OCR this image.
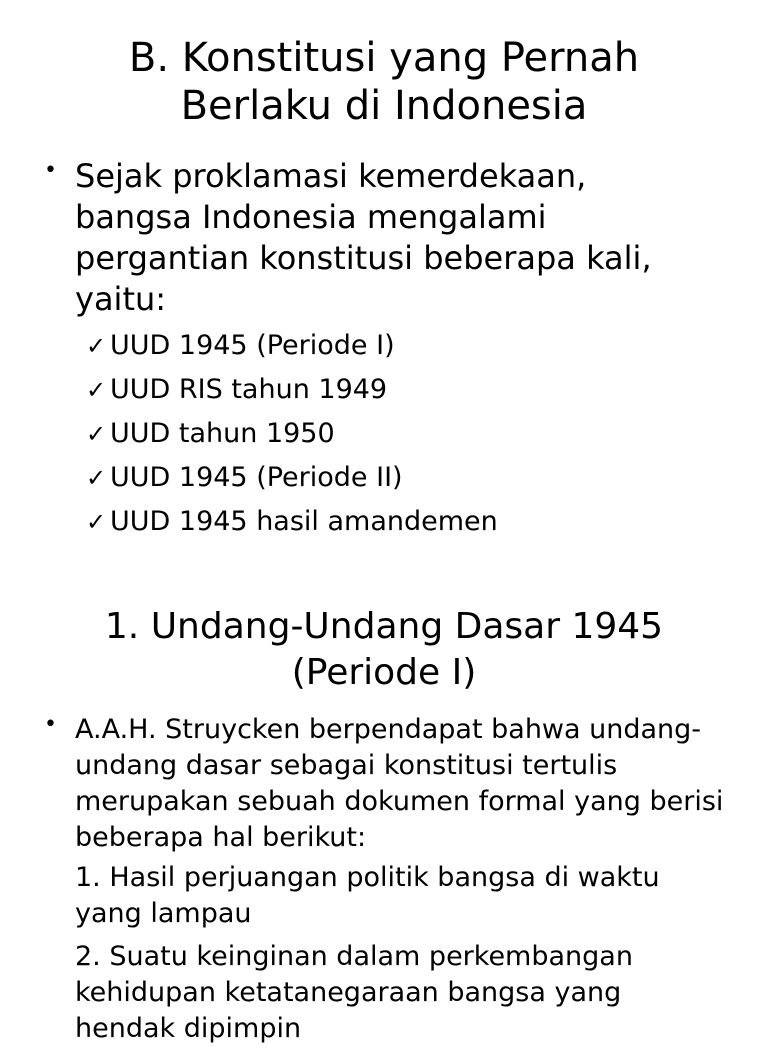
B. Konstitusi yang Pernah
Berlaku di Indonesia
• Sejak proklamasi kemerdekaan, bangsa Indonesia mengalami pergantian konstitusi beberapa kali, yaitu:

✓ UUD 1945 (Periode I)
✓ UUD RIS tahun 1949
✓ UUD tahun 1950
✓ UUD 1945 (Periode II)
✓ UUD 1945 hasil amandemen
1. Undang-Undang Dasar 1945
(Periode I)
• A.A.H. Struycken berpendapat bahwa undang-undang dasar sebagai konstitusi tertulis merupakan sebuah dokumen formal yang berisi beberapa hal berikut:

1. Hasil perjuangan politik bangsa di waktu yang lampau

2. Suatu keinginan dalam perkembangan kehidupan ketatanegaraan bangsa yang hendak dipimpin
